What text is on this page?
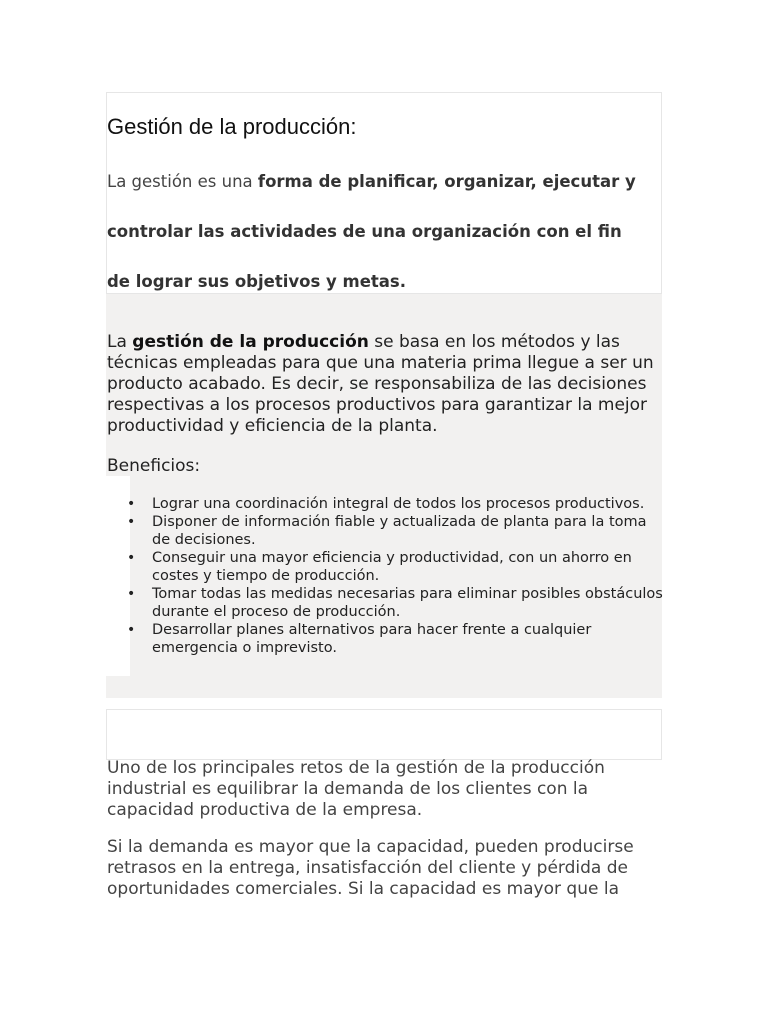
Gestión de la producción:
La gestión es una forma de planificar, organizar, ejecutar y
controlar las actividades de una organización con el fin
de lograr sus objetivos y metas.

La gestión de la producción se basa en los métodos y las técnicas empleadas para que una materia prima llegue a ser un producto acabado. Es decir, se responsabiliza de las decisiones respectivas a los procesos productivos para garantizar la mejor productividad y eficiencia de la planta.

Beneficios:

• Lograr una coordinación integral de todos los procesos productivos.
• Disponer de información fiable y actualizada de planta para la toma de decisiones.
• Conseguir una mayor eficiencia y productividad, con un ahorro en costes y tiempo de producción.
• Tomar todas las medidas necesarias para eliminar posibles obstáculos durante el proceso de producción.
• Desarrollar planes alternativos para hacer frente a cualquier emergencia o imprevisto.

Uno de los principales retos de la gestión de la producción industrial es equilibrar la demanda de los clientes con la capacidad productiva de la empresa.

Si la demanda es mayor que la capacidad, pueden producirse retrasos en la entrega, insatisfacción del cliente y pérdida de oportunidades comerciales. Si la capacidad es mayor que la
